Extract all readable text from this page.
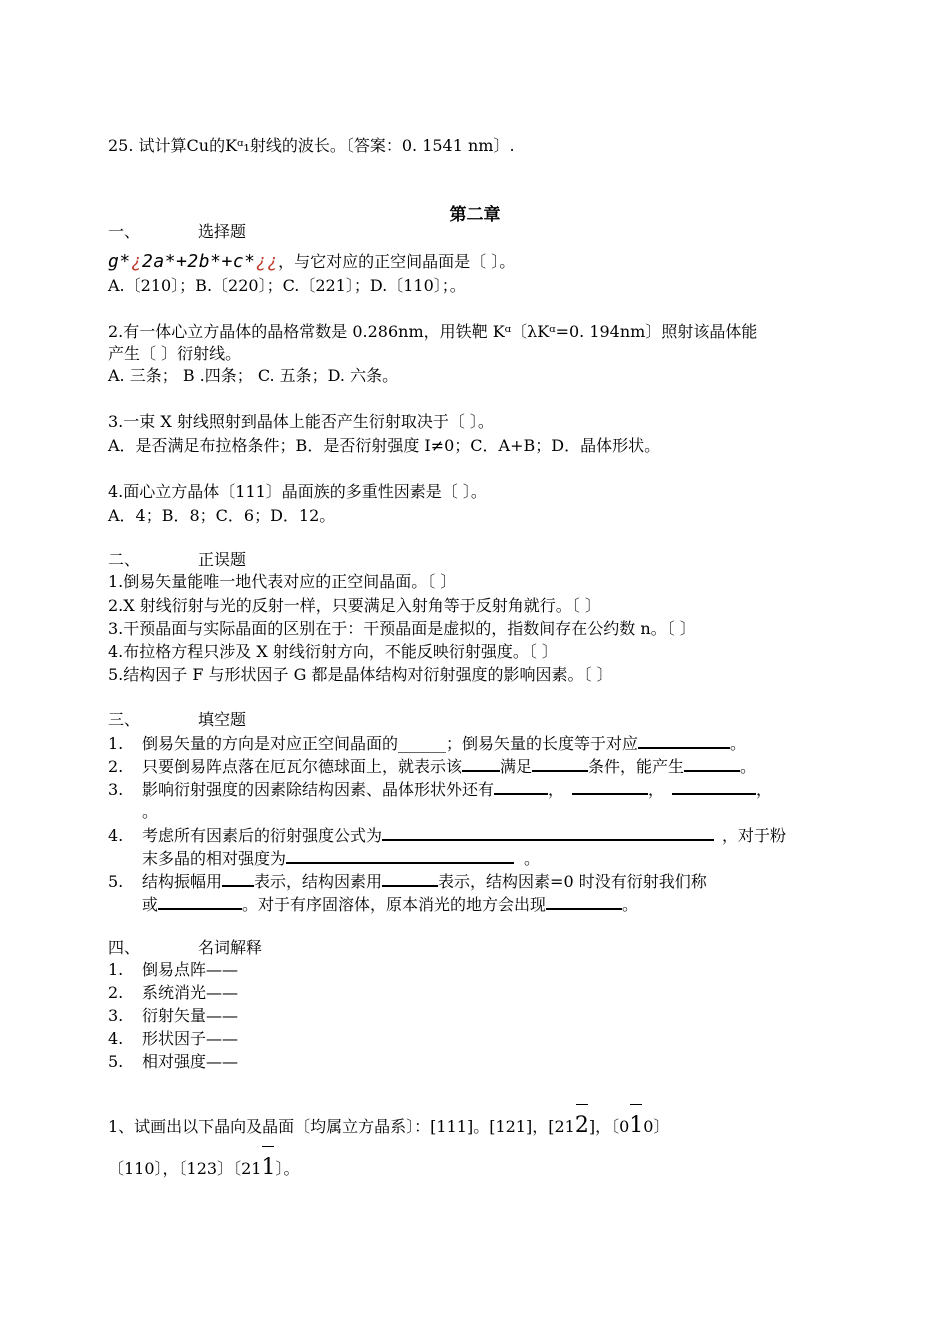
25. 试计算Cu的Kᵅ₁射线的波长。〔答案：0. 1541 nm〕.
第二章
一、	选择题
g*¿2a*+2b*+c*¿¿，与它对应的正空间晶面是〔 〕。
A.〔210〕；B.〔220〕；C.〔221〕；D.〔110〕；。
2.有一体心立方晶体的晶格常数是 0.286nm，用铁靶 Kᵅ〔λKᵅ=0. 194nm〕照射该晶体能
产生〔 〕衍射线。
A. 三条； B .四条； C. 五条；D. 六条。
3.一束 X 射线照射到晶体上能否产生衍射取决于〔 〕。
A．是否满足布拉格条件；B．是否衍射强度 I≠0；C．A+B；D．晶体形状。
4.面心立方晶体〔111〕晶面族的多重性因素是〔 〕。
A．4；B．8；C．6；D．12。
二、	正误题
1.倒易矢量能唯一地代表对应的正空间晶面。〔 〕
2.X 射线衍射与光的反射一样，只要满足入射角等于反射角就行。〔 〕
3.干预晶面与实际晶面的区别在于：干预晶面是虚拟的，指数间存在公约数 n。〔 〕
4.布拉格方程只涉及 X 射线衍射方向，不能反映衍射强度。〔 〕
5.结构因子 F 与形状因子 G 都是晶体结构对衍射强度的影响因素。〔 〕
三、	填空题
1. 倒易矢量的方向是对应正空间晶面的______；倒易矢量的长度等于对应	。
2. 只要倒易阵点落在厄瓦尔德球面上，就表示该 满足	条件，能产生	。
3. 影响衍射强度的因素除结构因素、晶体形状外还有	，	，	，
。
4. 考虑所有因素后的衍射强度公式为	，对于粉
末多晶的相对强度为	。
5. 结构振幅用 表示，结构因素用	表示，结构因素=0 时没有衍射我们称
或	。对于有序固溶体，原本消光的地方会出现	。
四、	名词解释
1. 倒易点阵——
2. 系统消光——
3. 衍射矢量——
4. 形状因子——
5. 相对强度——
1、试画出以下晶向及晶面〔均属立方晶系〕：[111]。[121]，[212]，〔010〕
〔110〕，〔123〕〔211〕。
